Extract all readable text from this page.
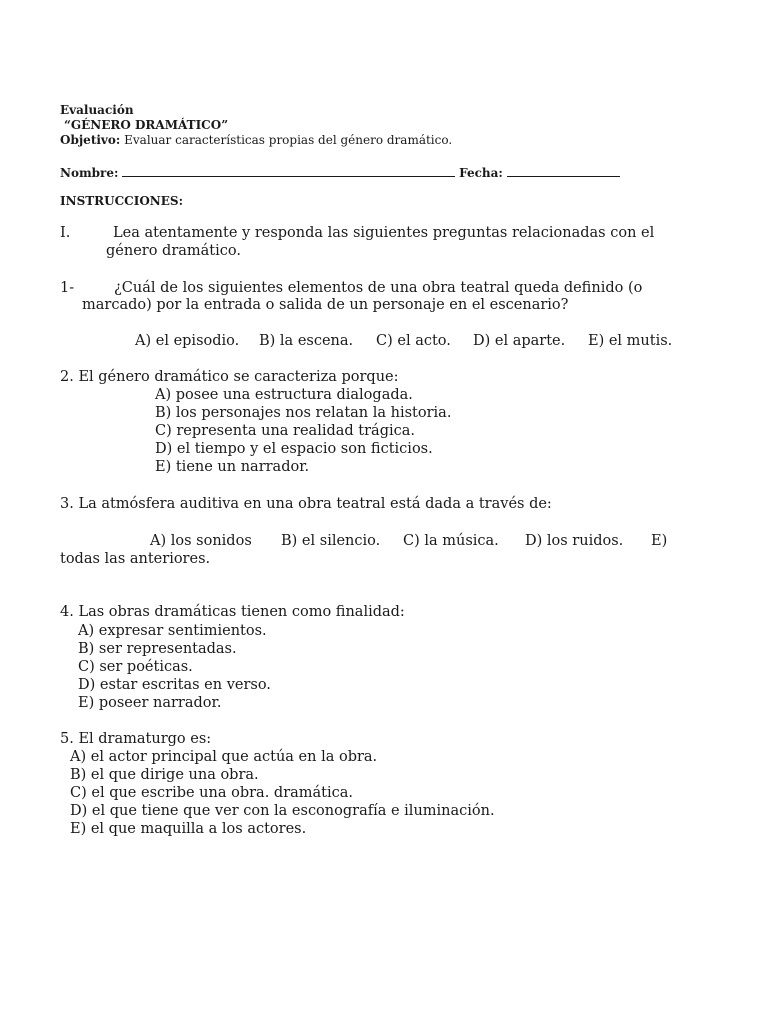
Evaluación
“GÉNERO DRAMÁTICO”
Objetivo: Evaluar características propias del género dramático.
Nombre:	Fecha:
INSTRUCCIONES:
I.	Lea atentamente y responda las siguientes preguntas relacionadas con el
género dramático.
1-	¿Cuál de los siguientes elementos de una obra teatral queda definido (o
marcado) por la entrada o salida de un personaje en el escenario?
A) el episodio. B) la escena. C) el acto. D) el aparte. E) el mutis.
2. El género dramático se caracteriza porque:
A) posee una estructura dialogada.
B) los personajes nos relatan la historia.
C) representa una realidad trágica.
D) el tiempo y el espacio son ficticios.
E) tiene un narrador.
3. La atmósfera auditiva en una obra teatral está dada a través de:
A) los sonidos B) el silencio. C) la música. D) los ruidos. E)
todas las anteriores.
4. Las obras dramáticas tienen como finalidad:
A) expresar sentimientos.
B) ser representadas.
C) ser poéticas.
D) estar escritas en verso.
E) poseer narrador.
5. El dramaturgo es:
A) el actor principal que actúa en la obra.
B) el que dirige una obra.
C) el que escribe una obra. dramática.
D) el que tiene que ver con la esconografía e iluminación.
E) el que maquilla a los actores.
